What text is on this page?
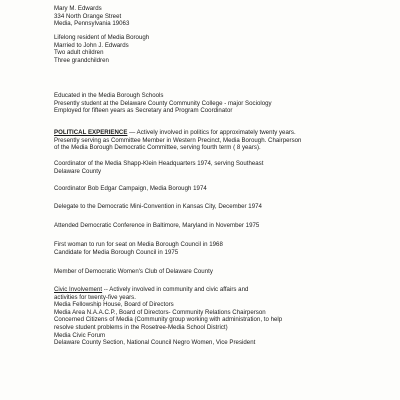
Mary M. Edwards
334 North Orange Street
Media, Pennsylvania 19063
Lifelong resident of Media Borough
Married to John J. Edwards
Two adult children
Three grandchildren
Educated in the Media Borough Schools
Presently student at the Delaware County Community College - major Sociology
Employed for fifteen years as Secretary and Program Coordinator
POLITICAL EXPERIENCE — Actively involved in politics for approximately twenty years.
Presently serving as Committee Member in Western Precinct, Media Borough. Chairperson
of the Media Borough Democratic Committee, serving fourth term ( 8 years).
Coordinator of the Media Shapp-Klein Headquarters 1974, serving Southeast
Delaware County
Coordinator Bob Edgar Campaign, Media Borough 1974
Delegate to the Democratic Mini-Convention in Kansas City, December 1974
Attended Democratic Conference in Baltimore, Maryland in November 1975
First woman to run for seat on Media Borough Council in 1968
Candidate for Media Borough Council in 1975
Member of Democratic Women's Club of Delaware County
Civic Involvement -- Actively involved in community and civic affairs and
activities for twenty-five years.
Media Fellowship House, Board of Directors
Media Area N.A.A.C.P., Board of Directors- Community Relations Chairperson
Concerned Citizens of Media (Community group working with administration, to help
resolve student problems in the Rosetree-Media School District)
Media Civic Forum
Delaware County Section, National Council Negro Women, Vice President
